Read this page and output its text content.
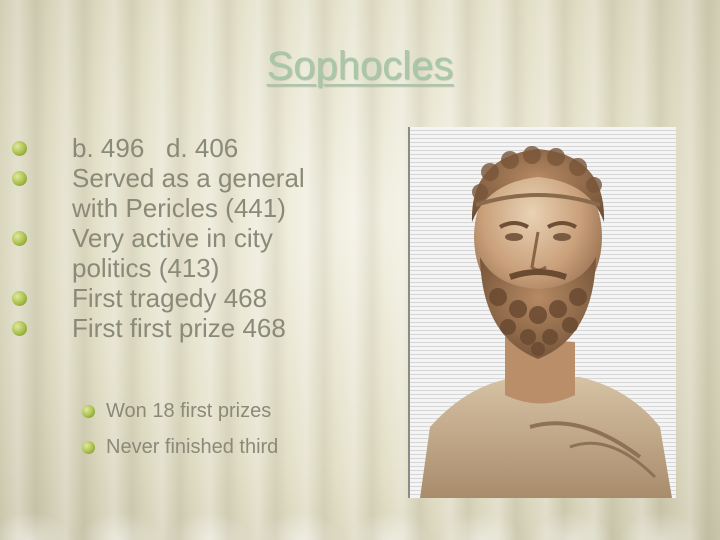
Sophocles
b. 496   d. 406
Served as a general with Pericles (441)
Very active in city politics (413)
First tragedy 468
First first prize 468
Won 18 first prizes
Never finished third
